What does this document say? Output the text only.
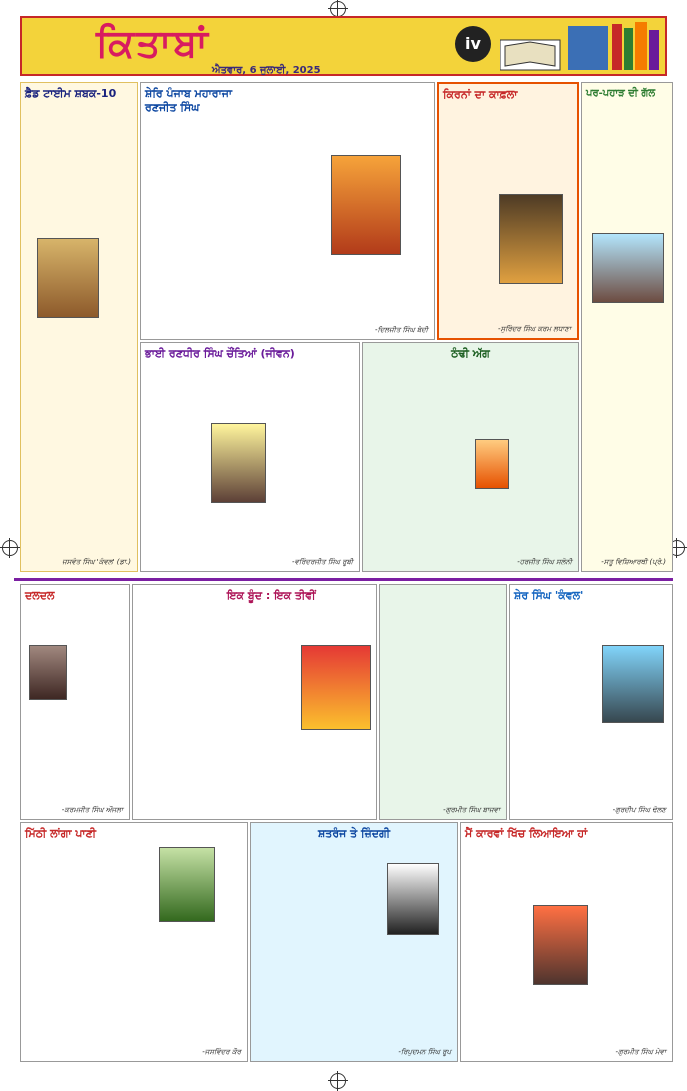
ਕਿਤਾਬਾਂ
ਐਤਵਾਰ, 6 ਜੁਲਾਈ, 2025
iv
ਫ਼ੈਡ ਟਾਈਮ ਸ਼ਬਕ-10
ਜਸਵੰਤ ਸਿੰਘ 'ਕੰਵਲ' (ਡਾ.)
ਸ਼ੇਰਿ ਪੰਜਾਬ ਮਹਾਰਾਜਾ ਰਣਜੀਤ ਸਿੰਘ
-ਦਿਲਜੀਤ ਸਿੰਘ ਬੇਦੀ
ਕਿਰਨਾਂ ਦਾ ਕਾਫ਼ਲਾ
-ਸੁਰਿੰਦਰ ਸਿੰਘ ਕਰਮ ਲਧਾਣਾ
ਪਰ-ਪਹਾੜ ਦੀ ਗੱਲ
-ਸਤੂ ਵਿਸ਼ਿਆਰਥੀ (ਪ੍ਰੋ.)
ਭਾਈ ਰਣਧੀਰ ਸਿੰਘ ਚੌਂਤਿਆਂ (ਜੀਵਨ)
-ਵਰਿੰਦਰਜੀਤ ਸਿੰਘ ਰੂਬੀ
ਠੰਢੀ ਅੱਗ
-ਹਰਜੀਤ ਸਿੰਘ ਸਲੋਨੀ
ਦਲਦਲ
-ਕਰਮਜੀਤ ਸਿੰਘ ਔਜਲਾ
ਇਕ ਬੂੰਦ : ਇਕ ਤੀਵੀਂ
-ਗੁਰਮੀਤ ਸਿੰਘ ਬਾਜਵਾ
ਸ਼ੇਰ ਸਿੰਘ 'ਕੰਵਲ'
-ਗੁਰਦੀਪ ਸਿੰਘ ਢੋਲਣ
ਮਿੱਠੀ ਲਾਂਗਾ ਪਾਣੀ
-ਜਸਵਿੰਦਰ ਕੌਰ
ਸ਼ਤਰੰਜ ਤੇ ਜ਼ਿੰਦਗੀ
-ਰਿਪੁਦਮਨ ਸਿੰਘ ਰੂਪ
ਮੈਂ ਕਾਰਵਾਂ ਖਿੱਚ ਲਿਆਇਆ ਹਾਂ
-ਗੁਰਮੀਤ ਸਿੰਘ ਮੇਵਾ
